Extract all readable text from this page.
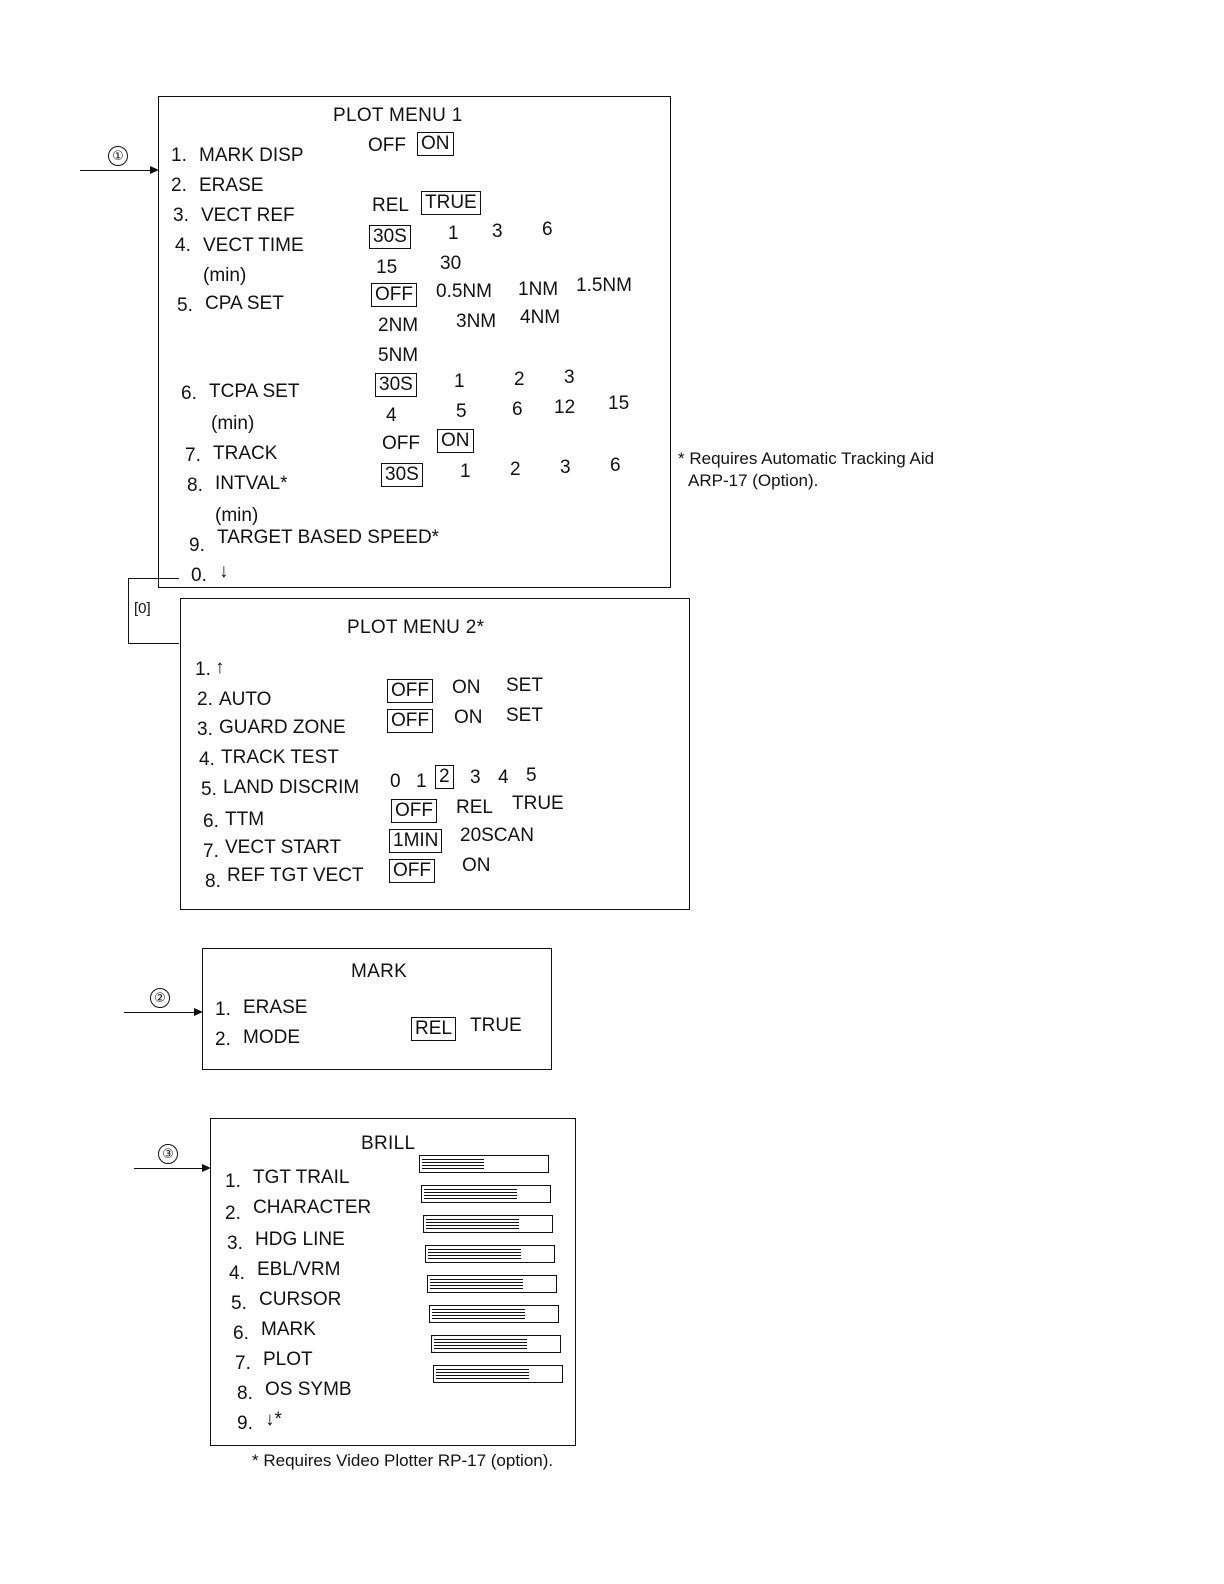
①
PLOT MENU 1
1. MARK DISP	OFF ON
2. ERASE
3. VECT REF	REL TRUE
4. VECT TIME
(min)
30S 1 3 6
15 30
5. CPA SET	OFF 0.5NM 1NM 1.5NM
2NM 3NM 4NM
5NM
6. TCPA SET
(min)
30S 1	2 3
4	5 6 12 15
7. TRACK	OFF ON
8. INTVAL*
(min)
30S 1 2 3 6
9. TARGET BASED SPEED*
0. ↓
[0]
* Requires Automatic Tracking Aid
ARP-17 (Option).
PLOT MENU 2*
1. ↑
2. AUTO	OFF ON SET
3. GUARD ZONE OFF ON SET
4. TRACK TEST
5. LAND DISCRIM 0 1 2 3 4 5
6. TTM	OFF REL TRUE
7. VECT START	1MIN 20SCAN
8. REF TGT VECT OFF ON
②
MARK
1. ERASE
2. MODE	REL TRUE
③	BRILL
1. TGT TRAIL
2. CHARACTER
3. HDG LINE
4. EBL/VRM
5. CURSOR
6. MARK
7. PLOT
8. OS SYMB
9. ↓*
* Requires Video Plotter RP-17 (option).
